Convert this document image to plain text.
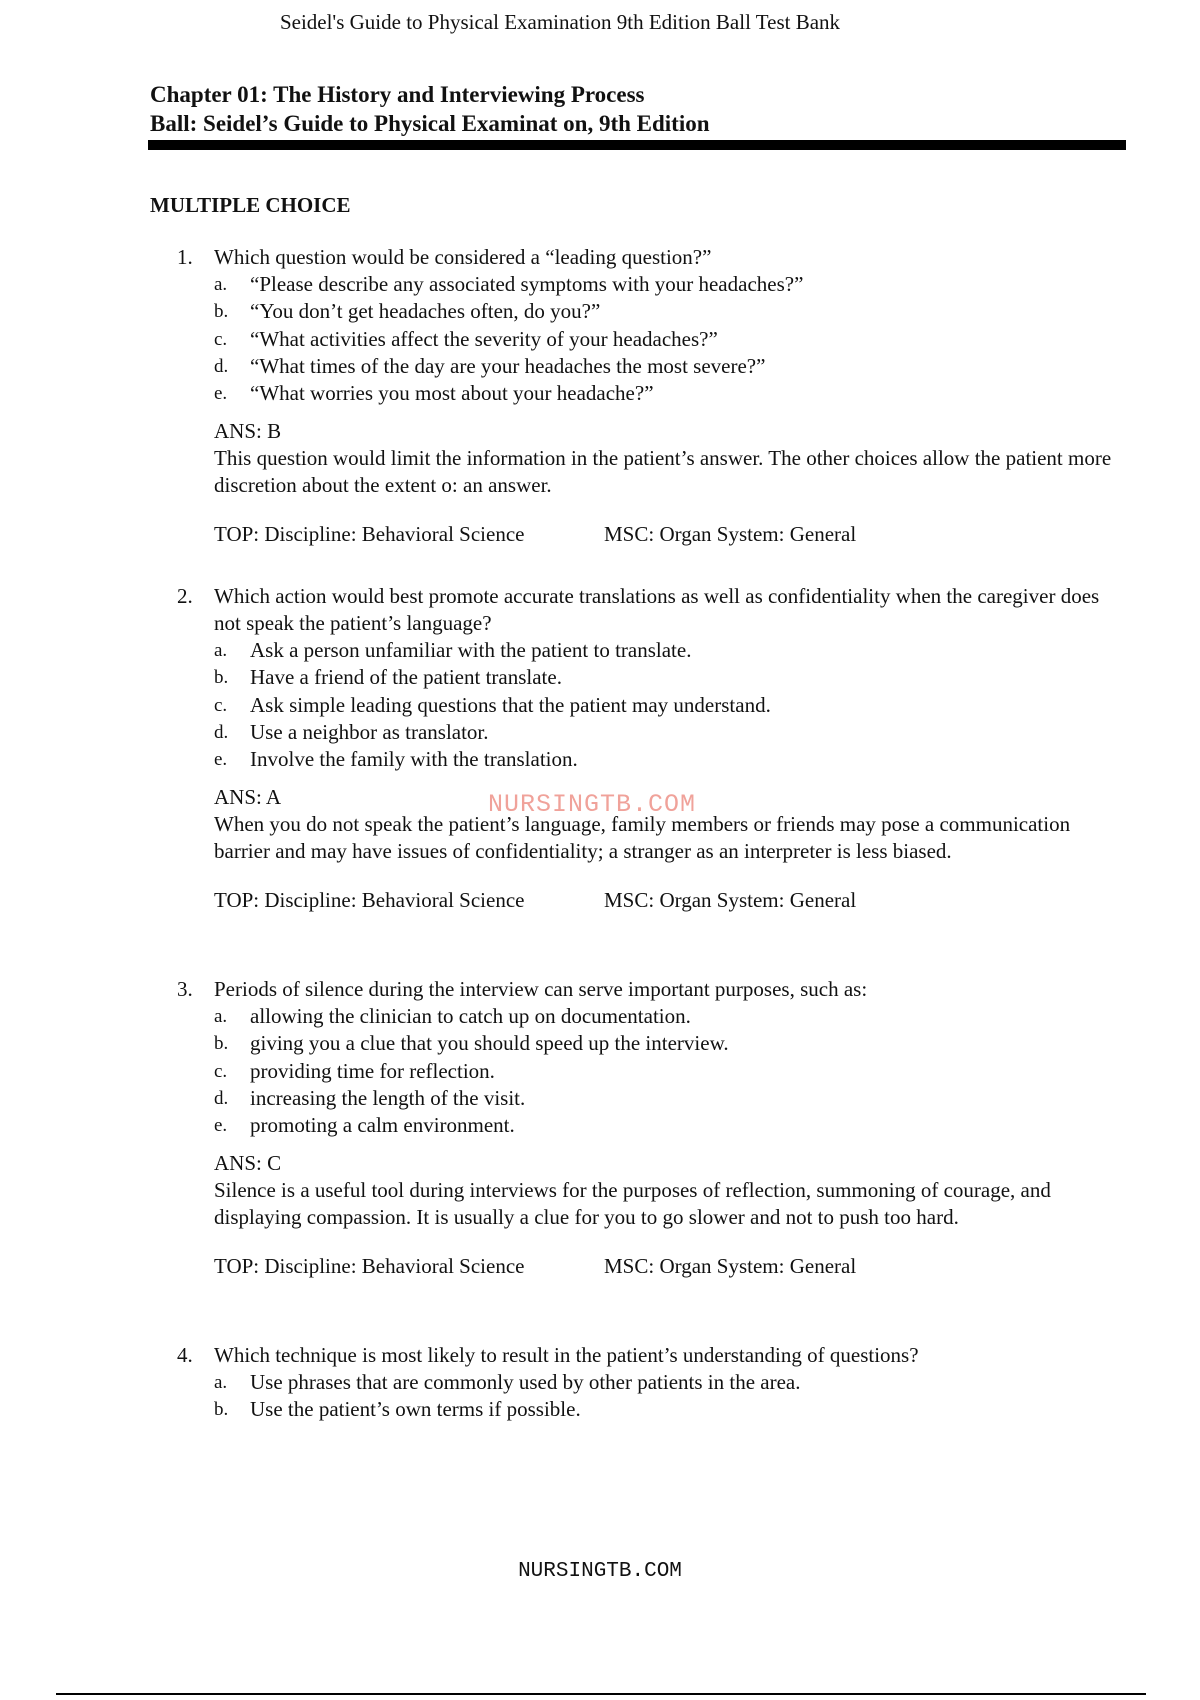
Seidel's Guide to Physical Examination 9th Edition Ball Test Bank
Chapter 01: The History and Interviewing Process
Ball: Seidel’s Guide to Physical Examinat on, 9th Edition
MULTIPLE CHOICE
1.	Which question would be considered a “leading question?”
a.	“Please describe any associated symptoms with your headaches?”
b.	“You don’t get headaches often, do you?”
c.	“What activities affect the severity of your headaches?”
d.	“What times of the day are your headaches the most severe?”
e.	“What worries you most about your headache?”
ANS: B
This question would limit the information in the patient’s answer. The other choices allow the patient more discretion about the extent o: an answer.
TOP: Discipline: Behavioral Science	MSC: Organ System: General
2.	Which action would best promote accurate translations as well as confidentiality when the caregiver does not speak the patient’s language?
a.	Ask a person unfamiliar with the patient to translate.
b.	Have a friend of the patient translate.
c.	Ask simple leading questions that the patient may understand.
d.	Use a neighbor as translator.
e.	Involve the family with the translation.
ANS: A
When you do not speak the patient’s language, family members or friends may pose a communication barrier and may have issues of confidentiality; a stranger as an interpreter is less biased.
TOP: Discipline: Behavioral Science	MSC: Organ System: General
NURSINGTB.COM
3.	Periods of silence during the interview can serve important purposes, such as:
a.	allowing the clinician to catch up on documentation.
b.	giving you a clue that you should speed up the interview.
c.	providing time for reflection.
d.	increasing the length of the visit.
e.	promoting a calm environment.
ANS: C
Silence is a useful tool during interviews for the purposes of reflection, summoning of courage, and displaying compassion. It is usually a clue for you to go slower and not to push too hard.
TOP: Discipline: Behavioral Science	MSC: Organ System: General
4.	Which technique is most likely to result in the patient’s understanding of questions?
a.	Use phrases that are commonly used by other patients in the area.
b.	Use the patient’s own terms if possible.
NURSINGTB.COM
